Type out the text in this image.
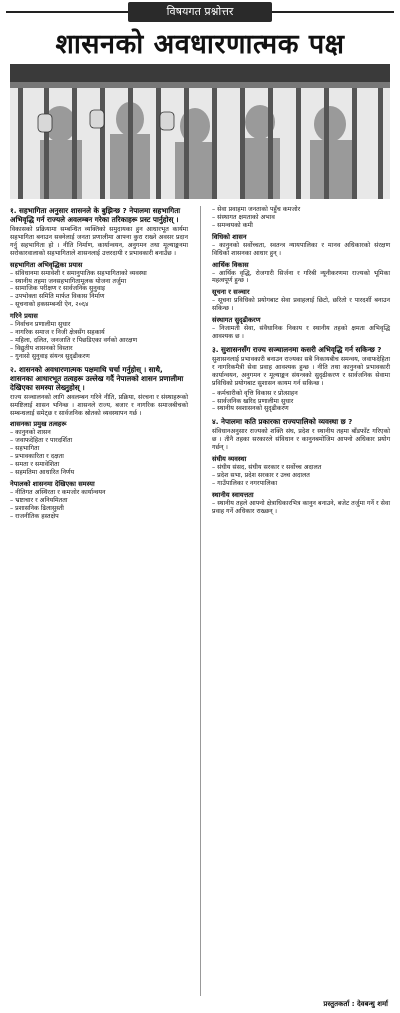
विषयगत प्रश्नोत्तर
शासनको अवधारणात्मक पक्ष
१. सहभागिता अनुसार शासनले के बुझिन्छ ? नेपालमा सहभागिता अभिवृद्धि गर्न राज्यले अवलम्बन गरेका तरिकाहरू प्रस्ट पार्नुहोस् ।
विकासको प्रक्रियामा सम्बन्धित व्यक्तिको समुदायका हुन आधारभूत कार्यमा सहभागिता बनाउन सक्नेलाई जनता प्रणालीमा आफ्ना कुरा राख्ने अवसर प्रदान गर्नु सहभागिता हो । नीति निर्माण, कार्यान्वयन, अनुगमन तथा मूल्याङ्कनमा सरोकारवालाको सहभागिताले शासनलाई उत्तरदायी र प्रभावकारी बनाउँछ ।
सहभागिता अभिवृद्धिका प्रयास
– संविधानमा समावेशी र समानुपातिक सहभागिताको व्यवस्था
– स्थानीय तहमा जनसहभागितामूलक योजना तर्जुमा
– सामाजिक परीक्षण र सार्वजनिक सुनुवाइ
– उपभोक्ता समिति मार्फत विकास निर्माण
– सूचनाको हकसम्बन्धी ऐन, २०६४
गरिने प्रयास
– निर्वाचन प्रणालीमा सुधार
– नागरिक समाज र निजी क्षेत्रसँग सहकार्य
– महिला, दलित, जनजाति र पिछडिएका वर्गको आरक्षण
– विद्युतीय शासनको विस्तार
– गुनासो सुनुवाइ संयन्त्र सुदृढीकरण
२. शासनको अवधारणात्मक पक्षमाथि चर्चा गर्नुहोस् । साथै, शासनका आधारभूत तत्वहरू उल्लेख गर्दै नेपालको शासन प्रणालीमा देखिएका समस्या लेख्नुहोस् ।
राज्य सञ्चालनको लागि अवलम्बन गरिने नीति, प्रक्रिया, संरचना र संस्थाहरूको समष्टिलाई शासन भनिन्छ । शासनले राज्य, बजार र नागरिक समाजबीचको सम्बन्धलाई समेट्छ र सार्वजनिक स्रोतको व्यवस्थापन गर्छ ।
शासनका प्रमुख तत्वहरू
– कानुनको शासन
– जवाफदेहिता र पारदर्शिता
– सहभागिता
– प्रभावकारिता र दक्षता
– समता र समावेशिता
– सहमतिमा आधारित निर्णय
नेपालको शासनमा देखिएका समस्या
– नीतिगत अस्थिरता र कमजोर कार्यान्वयन
– भ्रष्टाचार र अनियमितता
– प्रशासनिक ढिलासुस्ती
– राजनीतिक हस्तक्षेप
– सेवा प्रवाहमा जनताको पहुँच कमजोर
– संस्थागत क्षमताको अभाव
– समन्वयको कमी
विधिको शासन
– कानुनको सर्वोच्चता, स्वतन्त्र न्यायपालिका र मानव अधिकारको संरक्षण विधिको शासनका आधार हुन् ।
आर्थिक विकास
– आर्थिक वृद्धि, रोजगारी सिर्जना र गरिबी न्यूनीकरणमा राज्यको भूमिका महत्वपूर्ण हुन्छ ।
सूचना र सञ्चार
– सूचना प्रविधिको प्रयोगबाट सेवा प्रवाहलाई छिटो, छरितो र पारदर्शी बनाउन सकिन्छ ।
संस्थागत सुदृढीकरण
– निजामती सेवा, संवैधानिक निकाय र स्थानीय तहको क्षमता अभिवृद्धि आवश्यक छ ।
३. सुशासनसँग राज्य सञ्चालनमा कसरी अभिवृद्धि गर्न सकिन्छ ?
सुशासनलाई प्रभावकारी बनाउन राज्यका सबै निकायबीच समन्वय, जवाफदेहिता र नागरिकमैत्री सेवा प्रवाह आवश्यक हुन्छ । नीति तथा कानुनको प्रभावकारी कार्यान्वयन, अनुगमन र मूल्याङ्कन संयन्त्रको सुदृढीकरण र सार्वजनिक सेवामा प्रविधिको प्रयोगबाट सुशासन कायम गर्न सकिन्छ ।
– कर्मचारीको वृत्ति विकास र प्रोत्साहन
– सार्वजनिक खरिद प्रणालीमा सुधार
– स्थानीय स्वशासनको सुदृढीकरण
४. नेपालमा कति प्रकारका राज्यपालिको व्यवस्था छ ?
संविधानअनुसार राज्यको शक्ति संघ, प्रदेश र स्थानीय तहमा बाँडफाँट गरिएको छ । तीनै तहका सरकारले संविधान र कानुनबमोजिम आफ्नो अधिकार प्रयोग गर्छन् ।
संघीय व्यवस्था
– संघीय संसद, संघीय सरकार र सर्वोच्च अदालत
– प्रदेश सभा, प्रदेश सरकार र उच्च अदालत
– गाउँपालिका र नगरपालिका
स्थानीय स्वायत्तता
– स्थानीय तहले आफ्नो क्षेत्राधिकारभित्र कानुन बनाउने, बजेट तर्जुमा गर्ने र सेवा प्रवाह गर्ने अधिकार राख्छन् ।
प्रस्तुतकर्ता : देवबन्धु शर्मा
